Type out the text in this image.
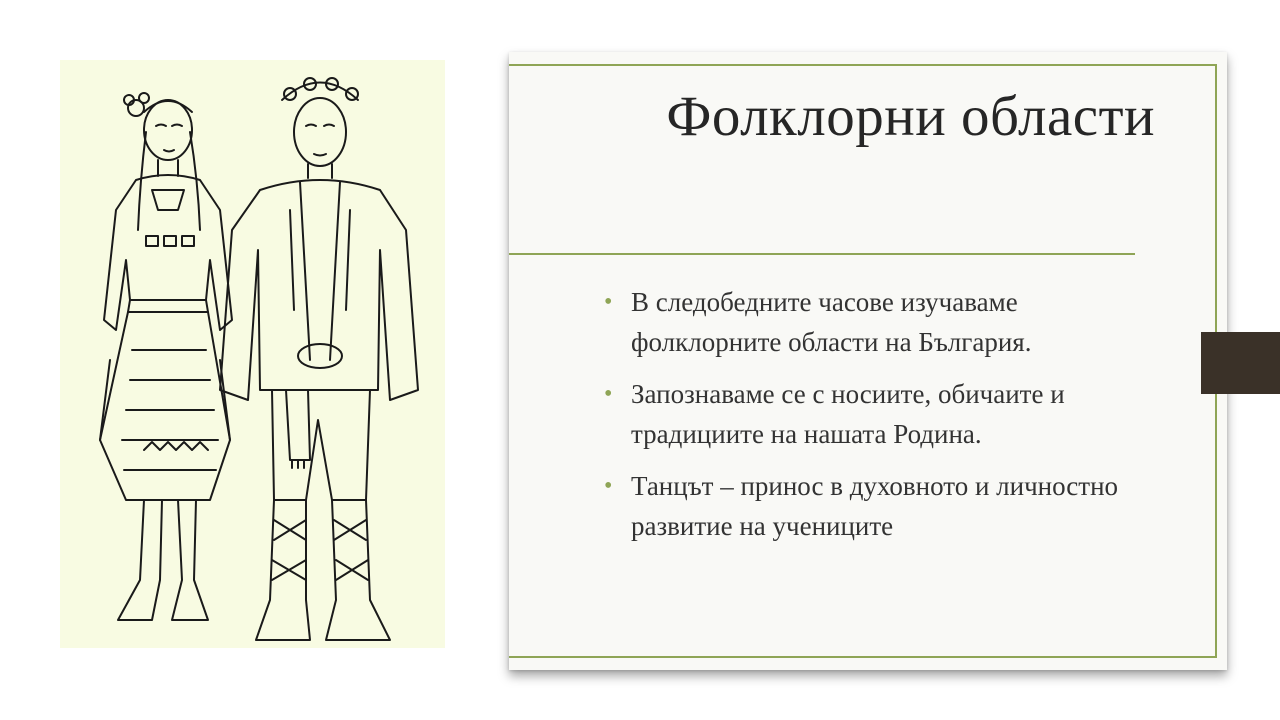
Фолклорни области
• В следобедните часове изучаваме фолклорните области на България.
• Запознаваме се с носиите, обичаите и традициите на нашата Родина.
• Танцът – принос в духовното и личностно развитие на учениците
